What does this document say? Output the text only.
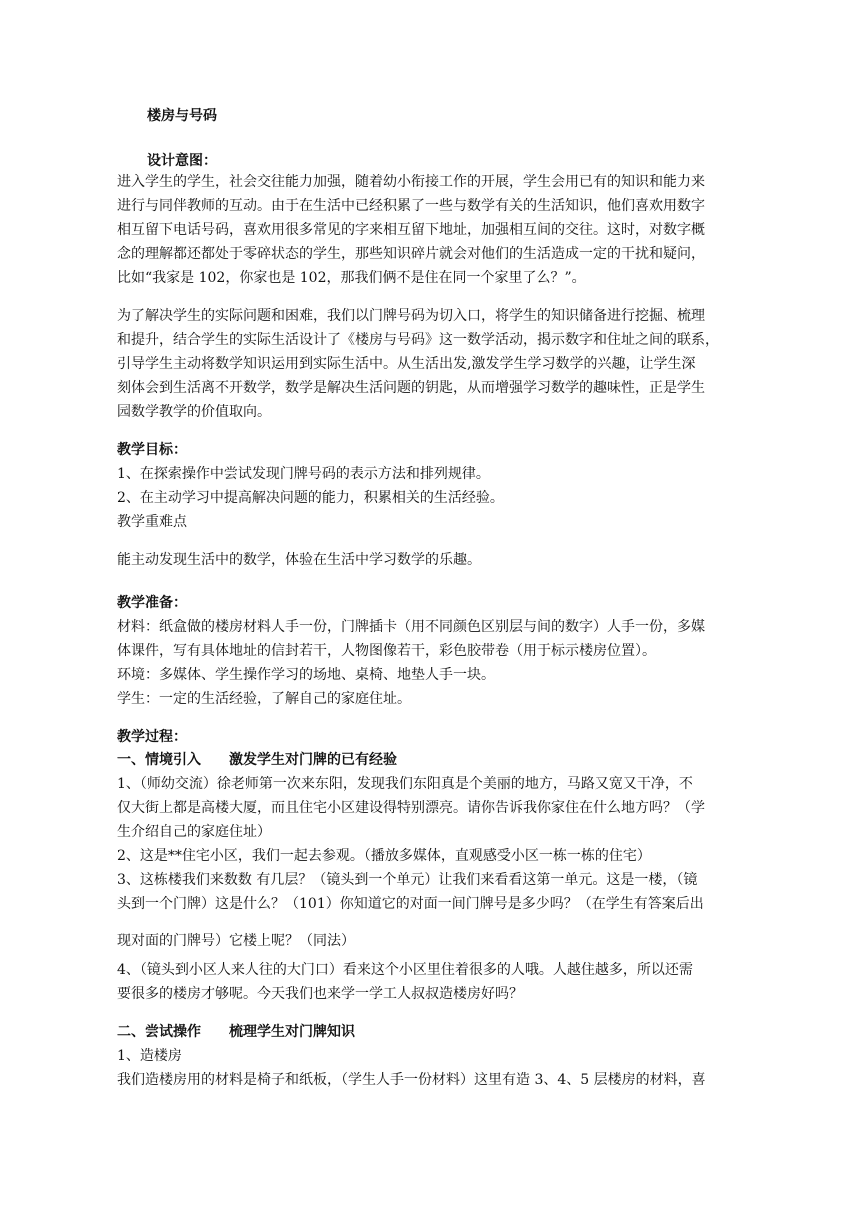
楼房与号码
设计意图：
进入学生的学生，社会交往能力加强，随着幼小衔接工作的开展，学生会用已有的知识和能力来
进行与同伴教师的互动。由于在生活中已经积累了一些与数学有关的生活知识，他们喜欢用数字
相互留下电话号码，喜欢用很多常见的字来相互留下地址，加强相互间的交往。这时，对数字概
念的理解都还都处于零碎状态的学生，那些知识碎片就会对他们的生活造成一定的干扰和疑问，
比如“我家是 102，你家也是 102，那我们俩不是住在同一个家里了么？”。
为了解决学生的实际问题和困难，我们以门牌号码为切入口，将学生的知识储备进行挖掘、梳理
和提升，结合学生的实际生活设计了《楼房与号码》这一数学活动，揭示数字和住址之间的联系，
引导学生主动将数学知识运用到实际生活中。从生活出发,激发学生学习数学的兴趣，让学生深
刻体会到生活离不开数学，数学是解决生活问题的钥匙，从而增强学习数学的趣味性，正是学生
园数学教学的价值取向。
教学目标：
1、在探索操作中尝试发现门牌号码的表示方法和排列规律。
2、在主动学习中提高解决问题的能力，积累相关的生活经验。
教学重难点
能主动发现生活中的数学，体验在生活中学习数学的乐趣。
教学准备：
材料：纸盒做的楼房材料人手一份，门牌插卡（用不同颜色区别层与间的数字）人手一份，多媒
体课件，写有具体地址的信封若干，人物图像若干，彩色胶带卷（用于标示楼房位置）。
环境：多媒体、学生操作学习的场地、桌椅、地垫人手一块。
学生：一定的生活经验，了解自己的家庭住址。
教学过程：
一、情境引入　　激发学生对门牌的已有经验
1、（师幼交流）徐老师第一次来东阳，发现我们东阳真是个美丽的地方，马路又宽又干净，不
仅大街上都是高楼大厦，而且住宅小区建设得特别漂亮。请你告诉我你家住在什么地方吗？（学
生介绍自己的家庭住址）
2、这是**住宅小区，我们一起去参观。（播放多媒体，直观感受小区一栋一栋的住宅）
3、这栋楼我们来数数 有几层？（镜头到一个单元）让我们来看看这第一单元。这是一楼，（镜
头到一个门牌）这是什么？（101）你知道它的对面一间门牌号是多少吗？（在学生有答案后出
现对面的门牌号）它楼上呢？（同法）
4、（镜头到小区人来人往的大门口）看来这个小区里住着很多的人哦。人越住越多，所以还需
要很多的楼房才够呢。今天我们也来学一学工人叔叔造楼房好吗？
二、尝试操作　　梳理学生对门牌知识
1、造楼房
我们造楼房用的材料是椅子和纸板，（学生人手一份材料）这里有造 3、4、5 层楼房的材料，喜
